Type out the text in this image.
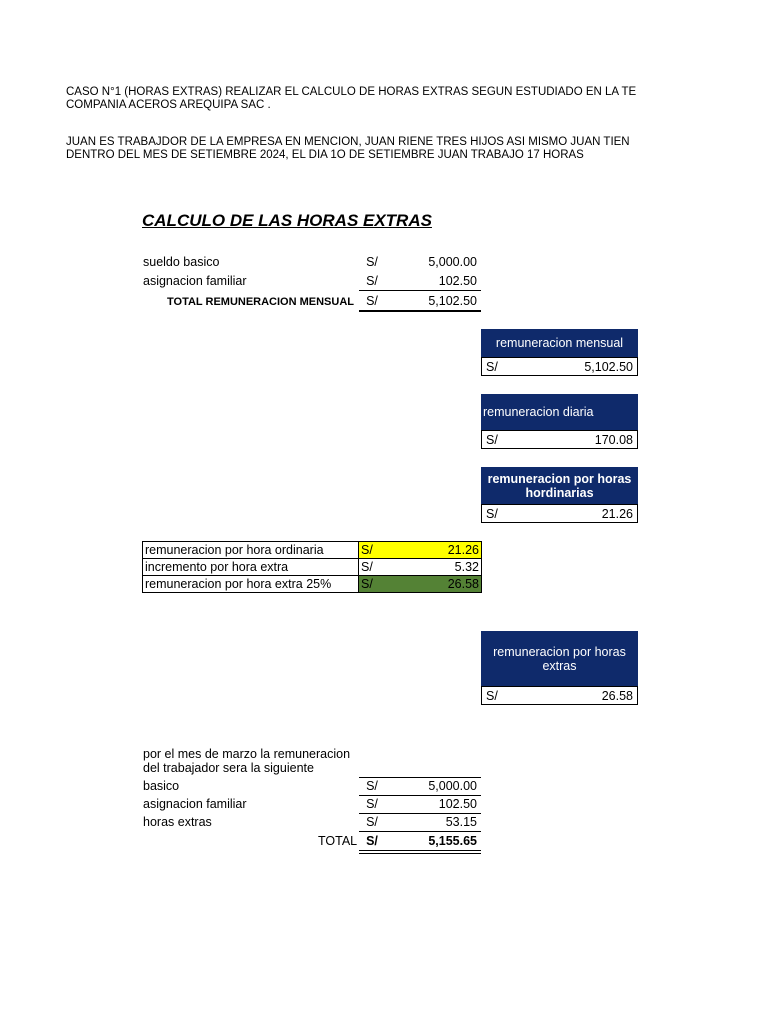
CASO N°1 (HORAS EXTRAS) REALIZAR EL CALCULO DE HORAS EXTRAS SEGÚN ESTUDIADO EN LA TE
COMPAÑÍA ACEROS AREQUIPA SAC .
JUAN ES TRABAJDOR DE LA EMPRESA EN MENCION, JUAN RIENE TRES HIJOS ASI MISMO JUAN TIEN
DENTRO DEL MES DE SETIEMBRE 2024, EL DIA 1O DE SETIEMBRE JUAN TRABAJO 17 HORAS
CALCULO DE LAS HORAS EXTRAS
sueldo basico	S/	5,000.00
asignacion familiar	S/	102.50
TOTAL REMUNERACION MENSUAL S/	5,102.50
remuneracion mensual
S/	5,102.50
remuneracion diaria
S/	170.08
remuneracion por horas hordinarias
S/	21.26
remuneracion por hora ordinaria	S/	21.26
incremento por hora extra	S/	5.32
remuneracion por hora extra 25%	S/	26.58
remuneracion por horas extras
S/	26.58
por el mes de marzo la remuneracion
del trabajador sera la siguiente
basico	S/	5,000.00
asignacion familiar	S/	102.50
horas extras	S/	53.15
TOTAL S/	5,155.65
